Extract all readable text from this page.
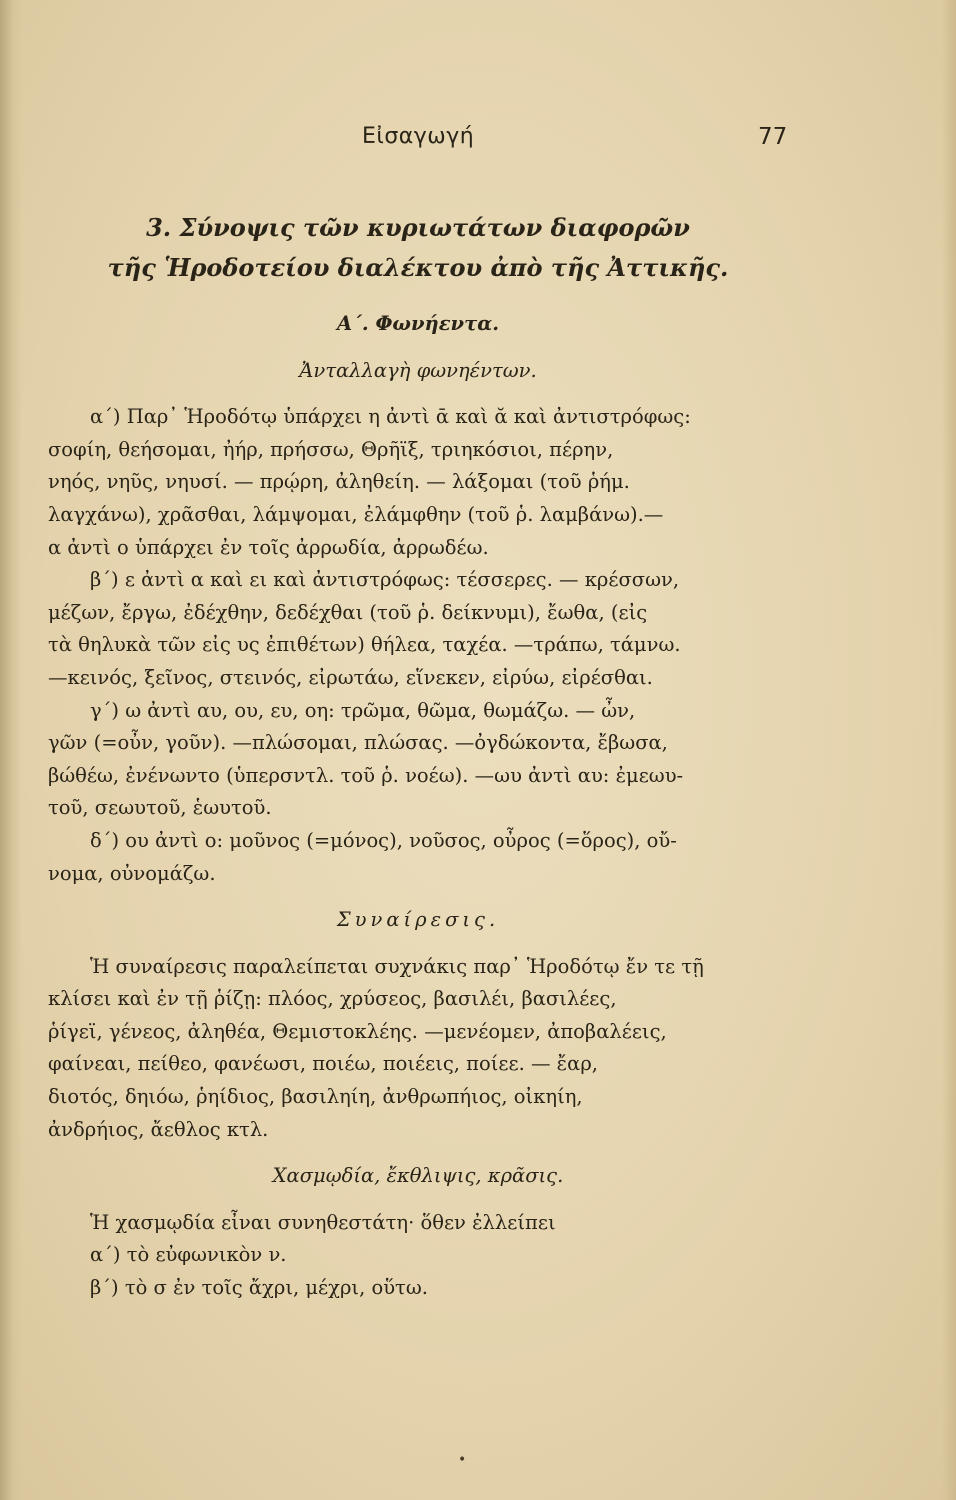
Εἰσαγωγή	77
3. Σύνοψις τῶν κυριωτάτων διαφορῶν
τῆς Ἡροδοτείου διαλέκτου ἀπὸ τῆς Ἀττικῆς.
Α΄. Φωνήεντα.
Ἀνταλλαγὴ φωνηέντων.
α΄) Παρ᾽ Ἡροδότῳ ὑπάρχει η ἀντὶ ᾱ καὶ ᾰ καὶ ἀντιστρόφως:
σοφίη, θεήσομαι, ἠήρ, πρήσσω, Θρῆϊξ, τριηκόσιοι, πέρην,
νηός, νηῦς, νηυσί. — πρῴρη, ἀληθείη. — λάξομαι (τοῦ ῥήμ.
λαγχάνω), χρᾶσθαι, λάμψομαι, ἐλάμφθην (τοῦ ῥ. λαμβάνω).—
α ἀντὶ ο ὑπάρχει ἐν τοῖς ἀρρωδία, ἀρρωδέω.
β΄) ε ἀντὶ α καὶ ει καὶ ἀντιστρόφως: τέσσερες. — κρέσσων,
μέζων, ἔργω, ἐδέχθην, δεδέχθαι (τοῦ ῥ. δείκνυμι), ἔωθα, (εἰς
τὰ θηλυκὰ τῶν εἰς υς ἐπιθέτων) θήλεα, ταχέα. —τράπω, τάμνω.
—κεινός, ξεῖνος, στεινός, εἰρωτάω, εἵνεκεν, εἰρύω, εἰρέσθαι.
γ΄) ω ἀντὶ αυ, ου, ευ, οη: τρῶμα, θῶμα, θωμάζω. — ὦν,
γῶν (=οὖν, γοῦν). —πλώσομαι, πλώσας. —ὀγδώκοντα, ἔβωσα,
βώθέω, ἐνένωντο (ὑπερσντλ. τοῦ ῥ. νοέω). —ωυ ἀντὶ αυ: ἐμεωυ-
τοῦ, σεωυτοῦ, ἑωυτοῦ.
δ΄) ου ἀντὶ ο: μοῦνος (=μόνος), νοῦσος, οὖρος (=ὅρος), οὔ-
νομα, οὐνομάζω.
Συναίρεσις.
Ἡ συναίρεσις παραλείπεται συχνάκις παρ᾽ Ἡροδότῳ ἔν τε τῇ
κλίσει καὶ ἐν τῇ ῥίζῃ: πλόος, χρύσεος, βασιλέι, βασιλέες,
ῥίγεϊ, γένεος, ἀληθέα, Θεμιστοκλέης. —μενέομεν, ἀποβαλέεις,
φαίνεαι, πείθεο, φανέωσι, ποιέω, ποιέεις, ποίεε. — ἔαρ,
διοτός, δηιόω, ῥηίδιος, βασιληίη, ἀνθρωπήιος, οἰκηίη,
ἀνδρήιος, ἄεθλος κτλ.
Χασμῳδία, ἔκθλιψις, κρᾶσις.
Ἡ χασμῳδία εἶναι συνηθεστάτη· ὅθεν ἐλλείπει
α΄) τὸ εὐφωνικὸν ν.
β΄) τὸ σ ἐν τοῖς ἄχρι, μέχρι, οὕτω.
•
